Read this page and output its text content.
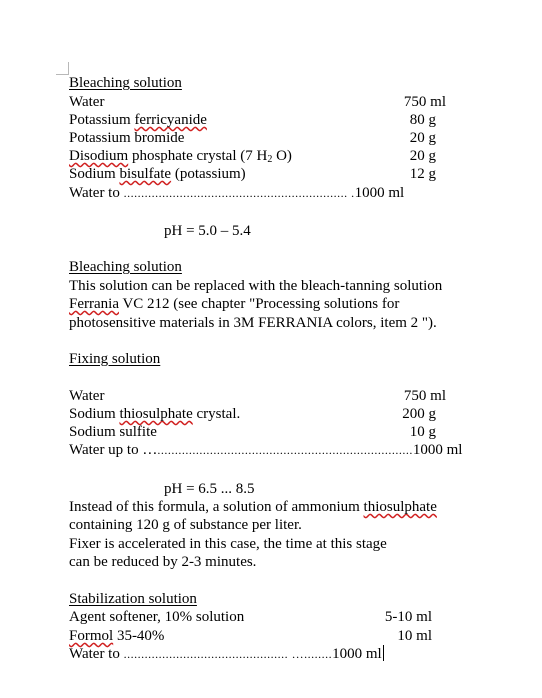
Bleaching solution
Water	750 ml
Potassium ferricyanide	80 g
Potassium bromide	20 g
Disodium phosphate crystal (7 $H_2$ O)	20 g
Sodium bisulfate (potassium)	12 g
Water to ................................................................ .1000 ml
pH = 5.0 – 5.4
Bleaching solution
This solution can be replaced with the bleach-tanning solution
Ferrania VC 212 (see chapter "Processing solutions for
photosensitive materials in 3M FERRANIA colors, item 2 ").
Fixing solution
Water	750 ml
Sodium thiosulphate crystal.	200 g
Sodium sulfite	10 g
Water up to ….........................................................................1000 ml
pH = 6.5 ... 8.5
Instead of this formula, a solution of ammonium thiosulphate
containing 120 g of substance per liter.
Fixer is accelerated in this case, the time at this stage
can be reduced by 2-3 minutes.
Stabilization solution
Agent softener, 10% solution	5-10 ml
Formol 35-40%	10 ml
Water to ............................................... …........1000 ml
